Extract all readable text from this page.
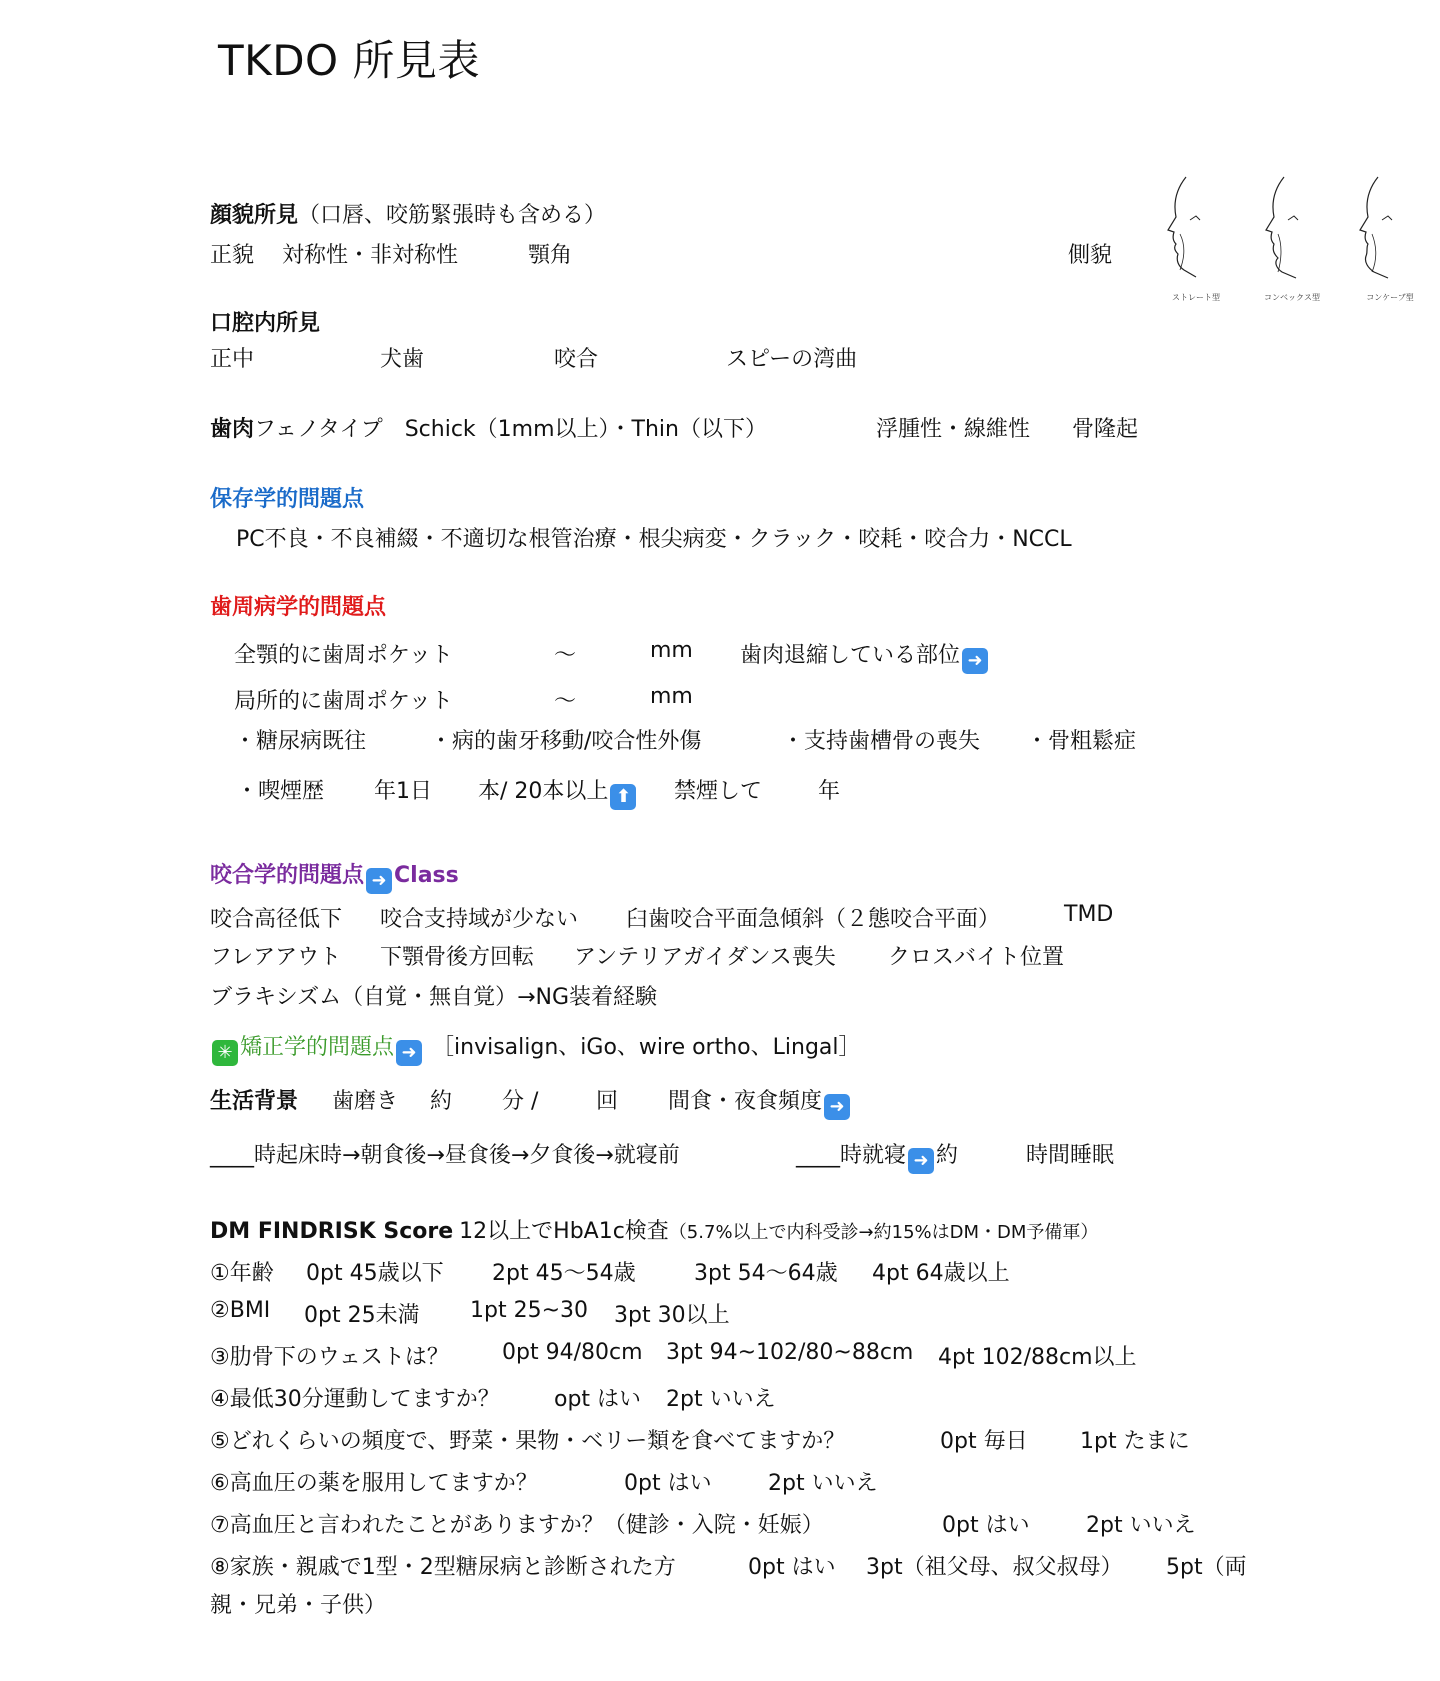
TKDO 所見表
顔貌所見（口唇、咬筋緊張時も含める）
正貌 対称性・非対称性	顎角	側貌
ストレート型	コンベックス型	コンケーブ型
口腔内所見
正中	犬歯	咬合	スピーの湾曲
歯肉フェノタイプ　Schick（1mm以上）・Thin（以下）	浮腫性・線維性 骨隆起
保存学的問題点
PC不良・不良補綴・不適切な根管治療・根尖病変・クラック・咬耗・咬合力・NCCL
歯周病学的問題点
全顎的に歯周ポケット	〜	mm 歯肉退縮している部位 ➜
局所的に歯周ポケット	〜	mm
・糖尿病既往	・病的歯牙移動/咬合性外傷	・支持歯槽骨の喪失 ・骨粗鬆症
・喫煙歴 年1日 本/ 20本以上 ⬆	禁煙して	年
咬合学的問題点 ➜ Class
咬合高径低下 咬合支持域が少ない 臼歯咬合平面急傾斜（２態咬合平面）	TMD
フレアアウト 下顎骨後方回転 アンテリアガイダンス喪失 クロスバイト位置
ブラキシズム（自覚・無自覚）→NG装着経験
✳ 矯正学的問題点 ➜ ［invisalign、iGo、wire ortho、Lingal］
生活背景 歯磨き 約 分 /	回 間食・夜食頻度 ➜
____時起床時→朝食後→昼食後→夕食後→就寝前	____時就寝 ➜ 約	時間睡眠
DM FINDRISK Score 12以上でHbA1c検査（5.7%以上で内科受診→約15%はDM・DM予備軍）
①年齢 0pt 45歳以下 2pt 45〜54歳	3pt 54〜64歳 4pt 64歳以上
②BMI 0pt 25未満 1pt 25~30 3pt 30以上
③肋骨下のウェストは？ 0pt 94/80cm 3pt 94~102/80~88cm 4pt 102/88cm以上
④最低30分運動してますか？ opt はい 2pt いいえ
⑤どれくらいの頻度で、野菜・果物・ベリー類を食べてますか？	0pt 毎日 1pt たまに
⑥高血圧の薬を服用してますか？	0pt はい	2pt いいえ
⑦高血圧と言われたことがありますか？（健診・入院・妊娠）	0pt はい	2pt いいえ
⑧家族・親戚で1型・2型糖尿病と診断された方	0pt はい 3pt（祖父母、叔父叔母） 5pt（両
親・兄弟・子供）
